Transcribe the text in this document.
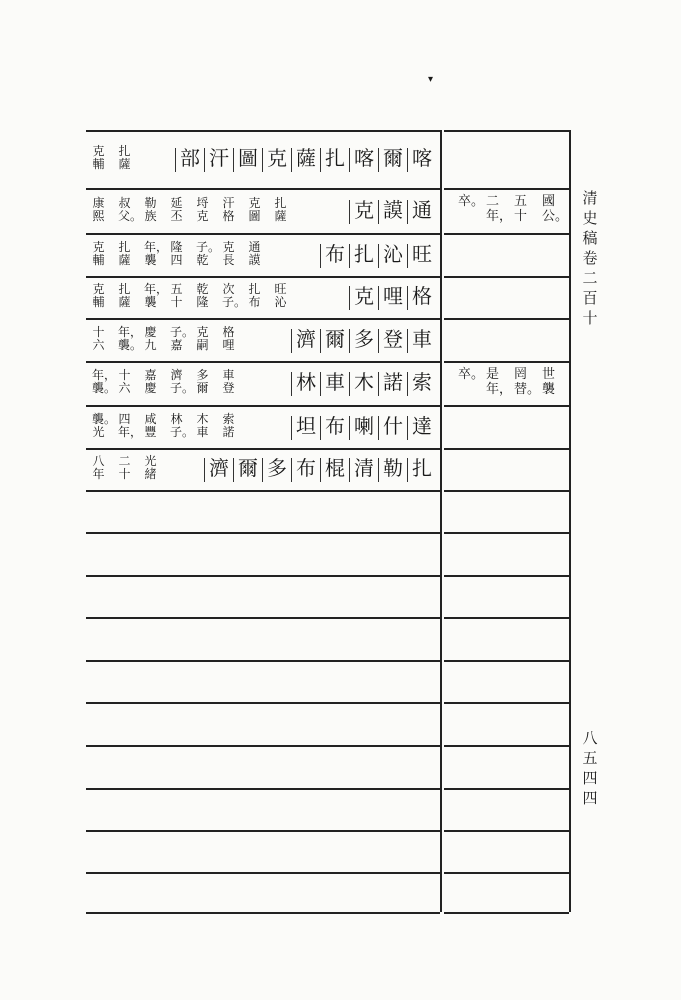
清史稿卷二百十
八五四四
▾
部 汗 圖 克 薩 扎 喀 爾 喀
克
輔
扎
薩
克 謨 通
康
熙
叔
父。
勒
族
延
丕
埒
克
汗
格
克
圖
扎
薩
卒。 二
年，
五
十
國
公。
布 扎 沁 旺
克
輔
扎
薩
年，
襲
隆
四
子。
乾
克
長
通
謨
克 哩 格
克
輔
扎
薩
年，
襲
五
十
乾
隆
次
子。
扎
布
旺
沁
濟 爾 多 登 車
十
六
年，
襲。
慶
九
子。
嘉
克
嗣
格
哩
林 車 木 諾 索
年，
襲。
十
六
嘉
慶
濟
子。
多
爾
車
登
卒。 是
年，
罔
替。
世
襲
坦 布 喇 什 達
襲。
光
四
年，
咸
豐
林
子。
木
車
索
諾
濟 爾 多 布 棍 清 勒 扎
八
年
二
十
光
緒
